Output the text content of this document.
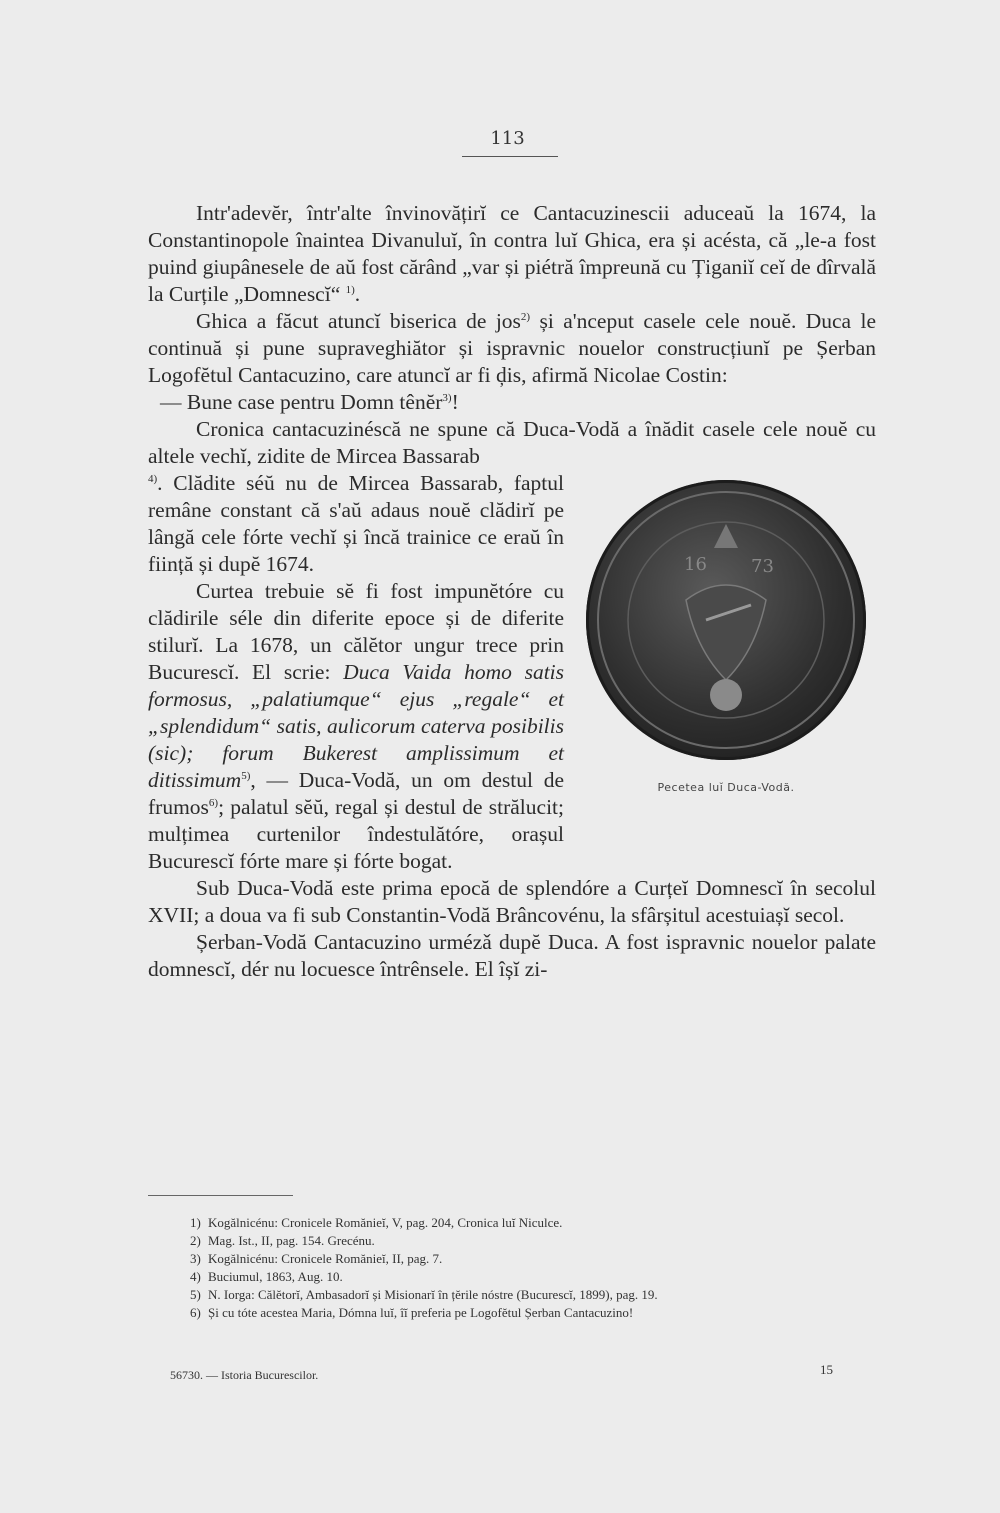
113

Intr'adevĕr, într'alte învinovățirĭ ce Cantacuzinescii aduceaŭ la 1674, la Constantinopole înaintea Divanuluĭ, în contra luĭ Ghica, era și acésta, că „le-a fost puind giupânesele de aŭ fost cărând „var și piétră împreună cu Țiganiĭ ceĭ de dîrvală la Curțile „Domnescĭ“ $^{1)}$.

Ghica a făcut atuncĭ biserica de jos$^{2)}$ și a'nceput casele cele nouĕ. Duca le continuă și pune supraveghiător și ispravnic nouelor construcțiunĭ pe Șerban Logofĕtul Cantacuzino, care atuncĭ ar fi ḑis, afirmă Nicolae Costin:

— Bune case pentru Domn tênĕr$^{3)}$!

Cronica cantacuzinéscă ne spune că Duca-Vodă a înădit casele cele nouĕ cu altele vechĭ, zidite de Mircea Bassarab

16 73
Pecetea luĭ Duca-Vodă.
$^{4)}$. Clădite séŭ nu de Mircea Bassarab, faptul remâne constant că s'aŭ adaus nouĕ clădirĭ pe lângă cele fórte vechĭ și încă trainice ce eraŭ în ființă și dupĕ 1674.

Curtea trebuie sĕ fi fost impunĕtóre cu clădirile séle din diferite epoce și de diferite stilurĭ. La 1678, un călĕtor ungur trece prin Bucurescĭ. El scrie: Duca Vaida homo satis formosus, „palatiumque“ ejus „regale“ et „splendidum“ satis, aulicorum caterva posibilis (sic); forum Bukerest amplissimum et ditissimum$^{5)}$, — Duca-Vodă, un om destul de frumos$^{6)}$; palatul sĕŭ, regal și destul de strălucit; mulțimea curtenilor îndestulătóre, orașul Bucurescĭ fórte mare și fórte bogat.

Sub Duca-Vodă este prima epocă de splendóre a Curțeĭ Domnescĭ în secolul XVII; a doua va fi sub Constantin-Vodă Brâncovénu, la sfârșitul acestuiașĭ secol.

Șerban-Vodă Cantacuzino urmézǎ dupĕ Duca. A fost ispravnic nouelor palate domnescĭ, dér nu locuesce întrênsele. El îșĭ zi-

1) Kogălnicénu: Cronicele Romănieĭ, V, pag. 204, Cronica luĭ Niculce.
2) Mag. Ist., II, pag. 154. Grecénu.
3) Kogălnicénu: Cronicele Romănieĭ, II, pag. 7.
4) Buciumul, 1863, Aug. 10.
5) N. Iorga: Călĕtorĭ, Ambasadorĭ și Misionarĭ în țĕrile nóstre (Bucurescĭ, 1899), pag. 19.
6) Și cu tóte acestea Maria, Dómna luĭ, îĭ preferia pe Logofĕtul Șerban Cantacuzino!
56730. — Istoria Bucurescilor.	15
